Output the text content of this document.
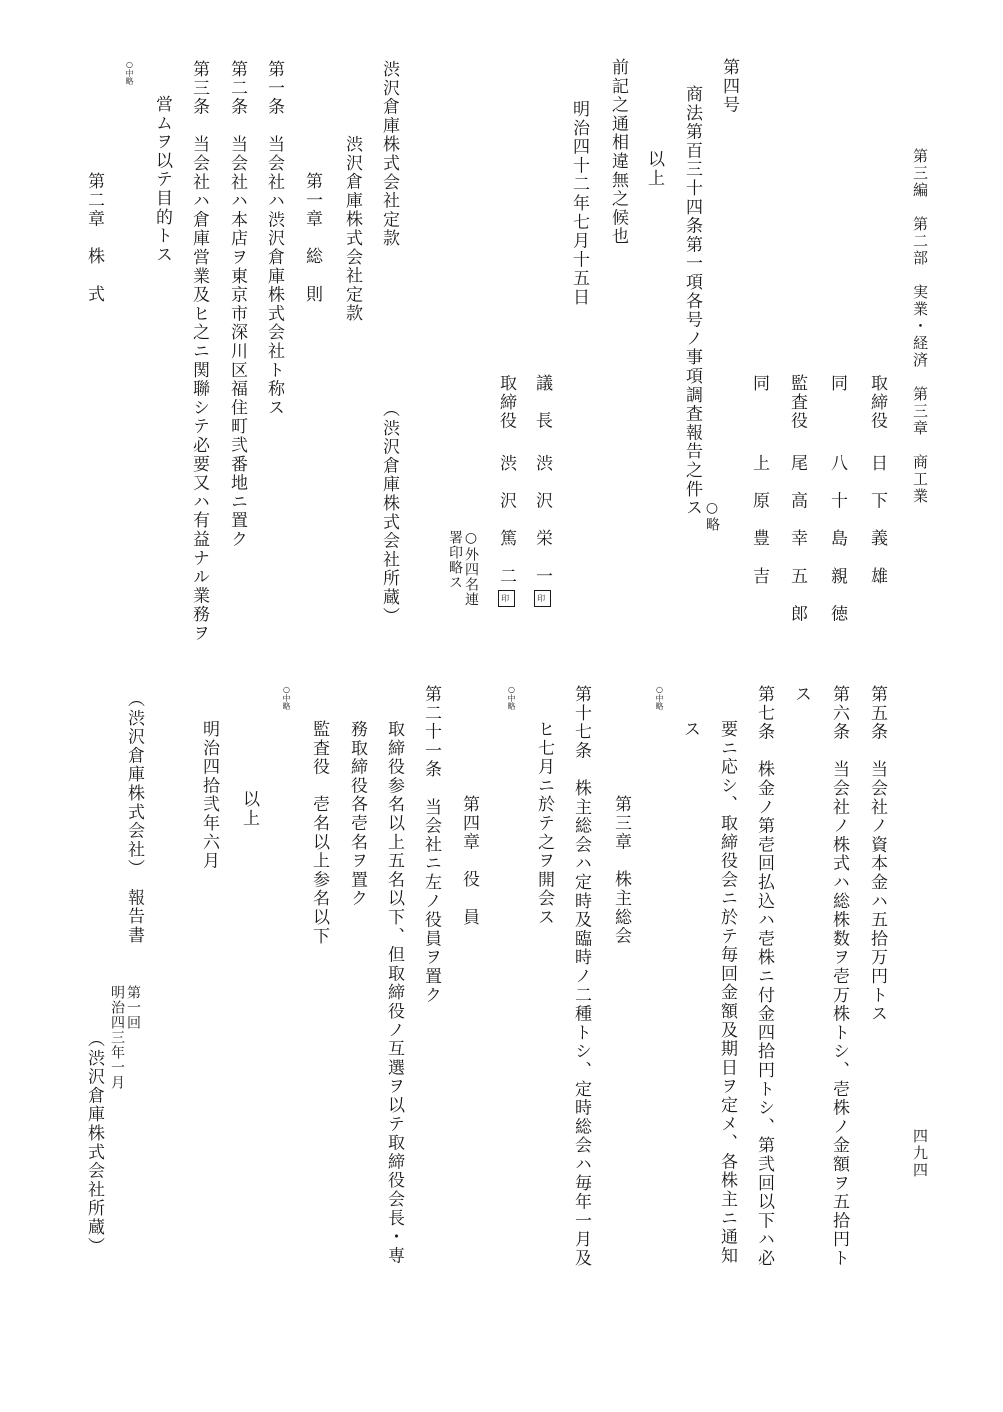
第三編　第二部　実業・経済　第三章　商工業
四九四
取締役
日　下　義　雄
同
八　十　島　親　徳
監査役
尾　高　幸　五　郎
同
上　原　豊　吉
第四号
商法第百三十四条第一項各号ノ事項調査報告之件ス ○略
以上
前記之通相違無之候也
明治四十二年七月十五日
議　長
渋　沢　栄　一印
取締役
渋　沢　篤　二印
○外四名連
署印略ス
渋沢倉庫株式会社定款
（渋沢倉庫株式会社所蔵）
渋沢倉庫株式会社定款
第一章　総　則
第一条　当会社ハ渋沢倉庫株式会社ト称ス
第二条　当会社ハ本店ヲ東京市深川区福住町弐番地ニ置ク
第三条　当会社ハ倉庫営業及ヒ之ニ関聯シテ必要又ハ有益ナル業務ヲ
営ムヲ以テ目的トス
○中略
第二章　株　式
第五条　当会社ノ資本金ハ五拾万円トス
第六条　当会社ノ株式ハ総株数ヲ壱万株トシ、壱株ノ金額ヲ五拾円ト
ス
第七条　株金ノ第壱回払込ハ壱株ニ付金四拾円トシ、第弐回以下ハ必
要ニ応シ、取締役会ニ於テ毎回金額及期日ヲ定メ、各株主ニ通知
ス
○中略
第三章　株主総会
第十七条　株主総会ハ定時及臨時ノ二種トシ、定時総会ハ毎年一月及
ヒ七月ニ於テ之ヲ開会ス
○中略
第四章　役　員
第二十一条　当会社ニ左ノ役員ヲ置ク
取締役参名以上五名以下、但取締役ノ互選ヲ以テ取締役会長・専
務取締役各壱名ヲ置ク
監査役　壱名以上参名以下
○中略
以上
明治四拾弐年六月
（渋沢倉庫株式会社）　報告書
第一回
明治四三年一月
（渋沢倉庫株式会社所蔵）
